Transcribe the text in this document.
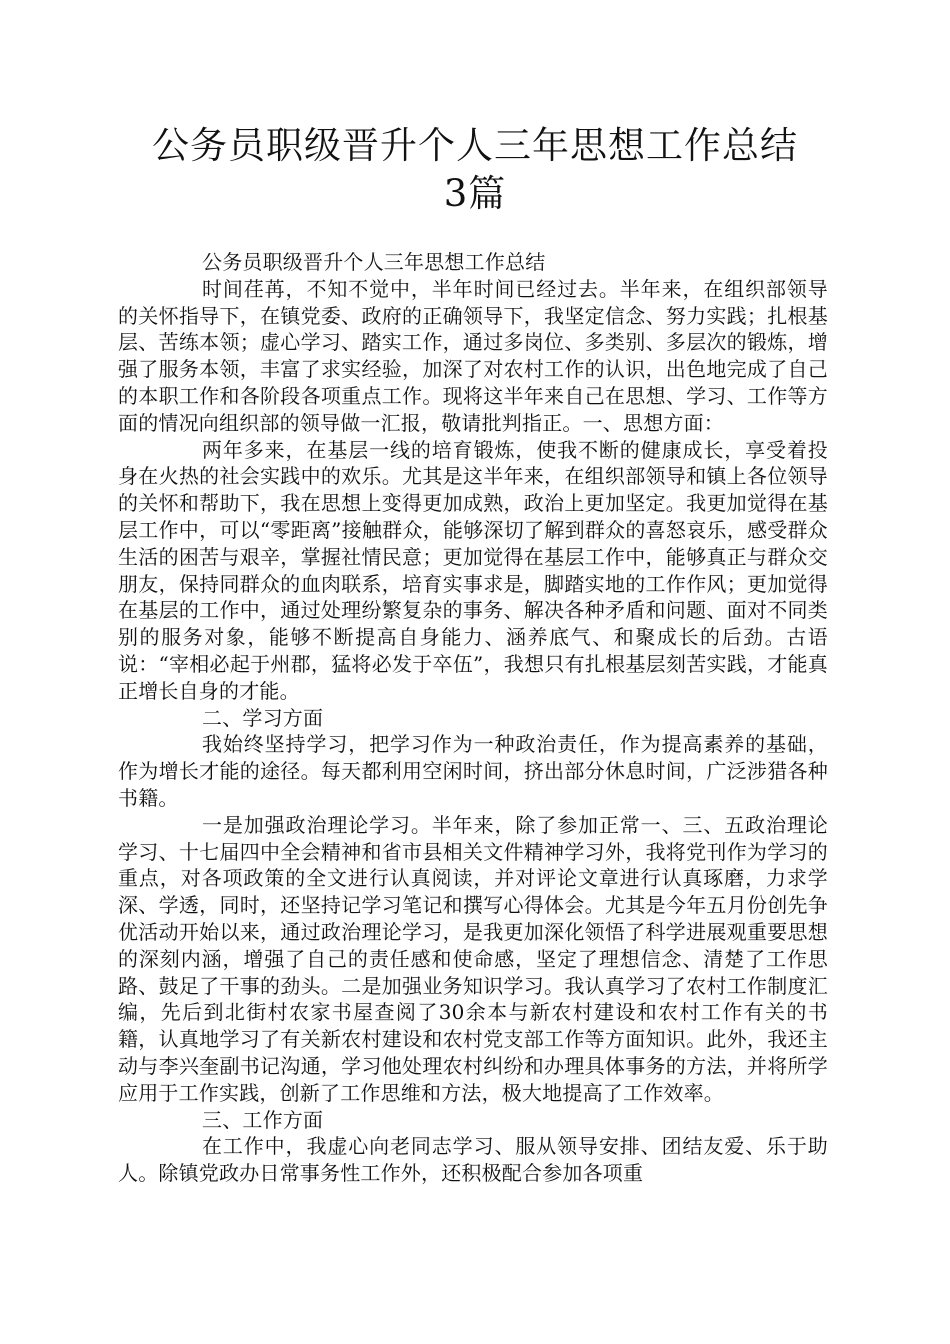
公务员职级晋升个人三年思想工作总结3篇

公务员职级晋升个人三年思想工作总结

时间荏苒，不知不觉中，半年时间已经过去。半年来，在组织部领导的关怀指导下，在镇党委、政府的正确领导下，我坚定信念、努力实践；扎根基层、苦练本领；虚心学习、踏实工作，通过多岗位、多类别、多层次的锻炼，增强了服务本领，丰富了求实经验，加深了对农村工作的认识，出色地完成了自己的本职工作和各阶段各项重点工作。现将这半年来自己在思想、学习、工作等方面的情况向组织部的领导做一汇报，敬请批判指正。一、思想方面：

两年多来，在基层一线的培育锻炼，使我不断的健康成长，享受着投身在火热的社会实践中的欢乐。尤其是这半年来，在组织部领导和镇上各位领导的关怀和帮助下，我在思想上变得更加成熟，政治上更加坚定。我更加觉得在基层工作中，可以“零距离”接触群众，能够深切了解到群众的喜怒哀乐，感受群众生活的困苦与艰辛，掌握社情民意；更加觉得在基层工作中，能够真正与群众交朋友，保持同群众的血肉联系，培育实事求是，脚踏实地的工作作风；更加觉得在基层的工作中，通过处理纷繁复杂的事务、解决各种矛盾和问题、面对不同类别的服务对象，能够不断提高自身能力、涵养底气、和聚成长的后劲。古语说：“宰相必起于州郡，猛将必发于卒伍”，我想只有扎根基层刻苦实践，才能真正增长自身的才能。

二、学习方面

我始终坚持学习，把学习作为一种政治责任，作为提高素养的基础，作为增长才能的途径。每天都利用空闲时间，挤出部分休息时间，广泛涉猎各种书籍。

一是加强政治理论学习。半年来，除了参加正常一、三、五政治理论学习、十七届四中全会精神和省市县相关文件精神学习外，我将党刊作为学习的重点，对各项政策的全文进行认真阅读，并对评论文章进行认真琢磨，力求学深、学透，同时，还坚持记学习笔记和撰写心得体会。尤其是今年五月份创先争优活动开始以来，通过政治理论学习，是我更加深化领悟了科学进展观重要思想的深刻内涵，增强了自己的责任感和使命感，坚定了理想信念、清楚了工作思路、鼓足了干事的劲头。二是加强业务知识学习。我认真学习了农村工作制度汇编，先后到北街村农家书屋查阅了30余本与新农村建设和农村工作有关的书籍，认真地学习了有关新农村建设和农村党支部工作等方面知识。此外，我还主动与李兴奎副书记沟通，学习他处理农村纠纷和办理具体事务的方法，并将所学应用于工作实践，创新了工作思维和方法，极大地提高了工作效率。

三、工作方面

在工作中，我虚心向老同志学习、服从领导安排、团结友爱、乐于助人。除镇党政办日常事务性工作外，还积极配合参加各项重
